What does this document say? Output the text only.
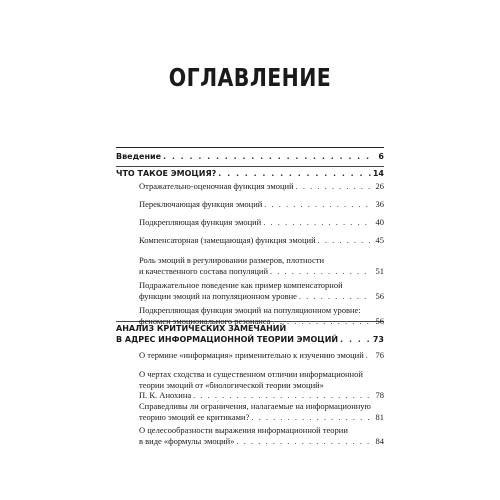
ОГЛАВЛЕНИЕ
Введение . . .	6
ЧТО ТАКОЕ ЭМОЦИЯ? . . .	14
Отражательно-оценочная функция эмоций . . .	26
Переключающая функция эмоций . . .	36
Подкрепляющая функция эмоций . . .	40
Компенсаторная (замещающая) функция эмоций . . .	45
Роль эмоций в регулировании размеров, плотности
и качественного состава популяций . . .	51
Подражательное поведение как пример компенсаторной
функции эмоций на популяционном уровне . . .	56
Подкрепляющая функция эмоций на популяционном уровне:
феномен эмоционального резонанса . . .	56
АНАЛИЗ КРИТИЧЕСКИХ ЗАМЕЧАНИЙ
В АДРЕС ИНФОРМАЦИОННОЙ ТЕОРИИ ЭМОЦИЙ . . .	73
О термине «информация» применительно к изучению эмоций . . . 76
О чертах сходства и существенном отличии информационной
теории эмоций от «биологической теории эмоций»
П. К. Анохина . . .	78
Справедливы ли ограничения, налагаемые на информационную
теорию эмоций ее критиками? . . .	81
О целесообразности выражения информационной теории
в виде «формулы эмоций» . . .	84
